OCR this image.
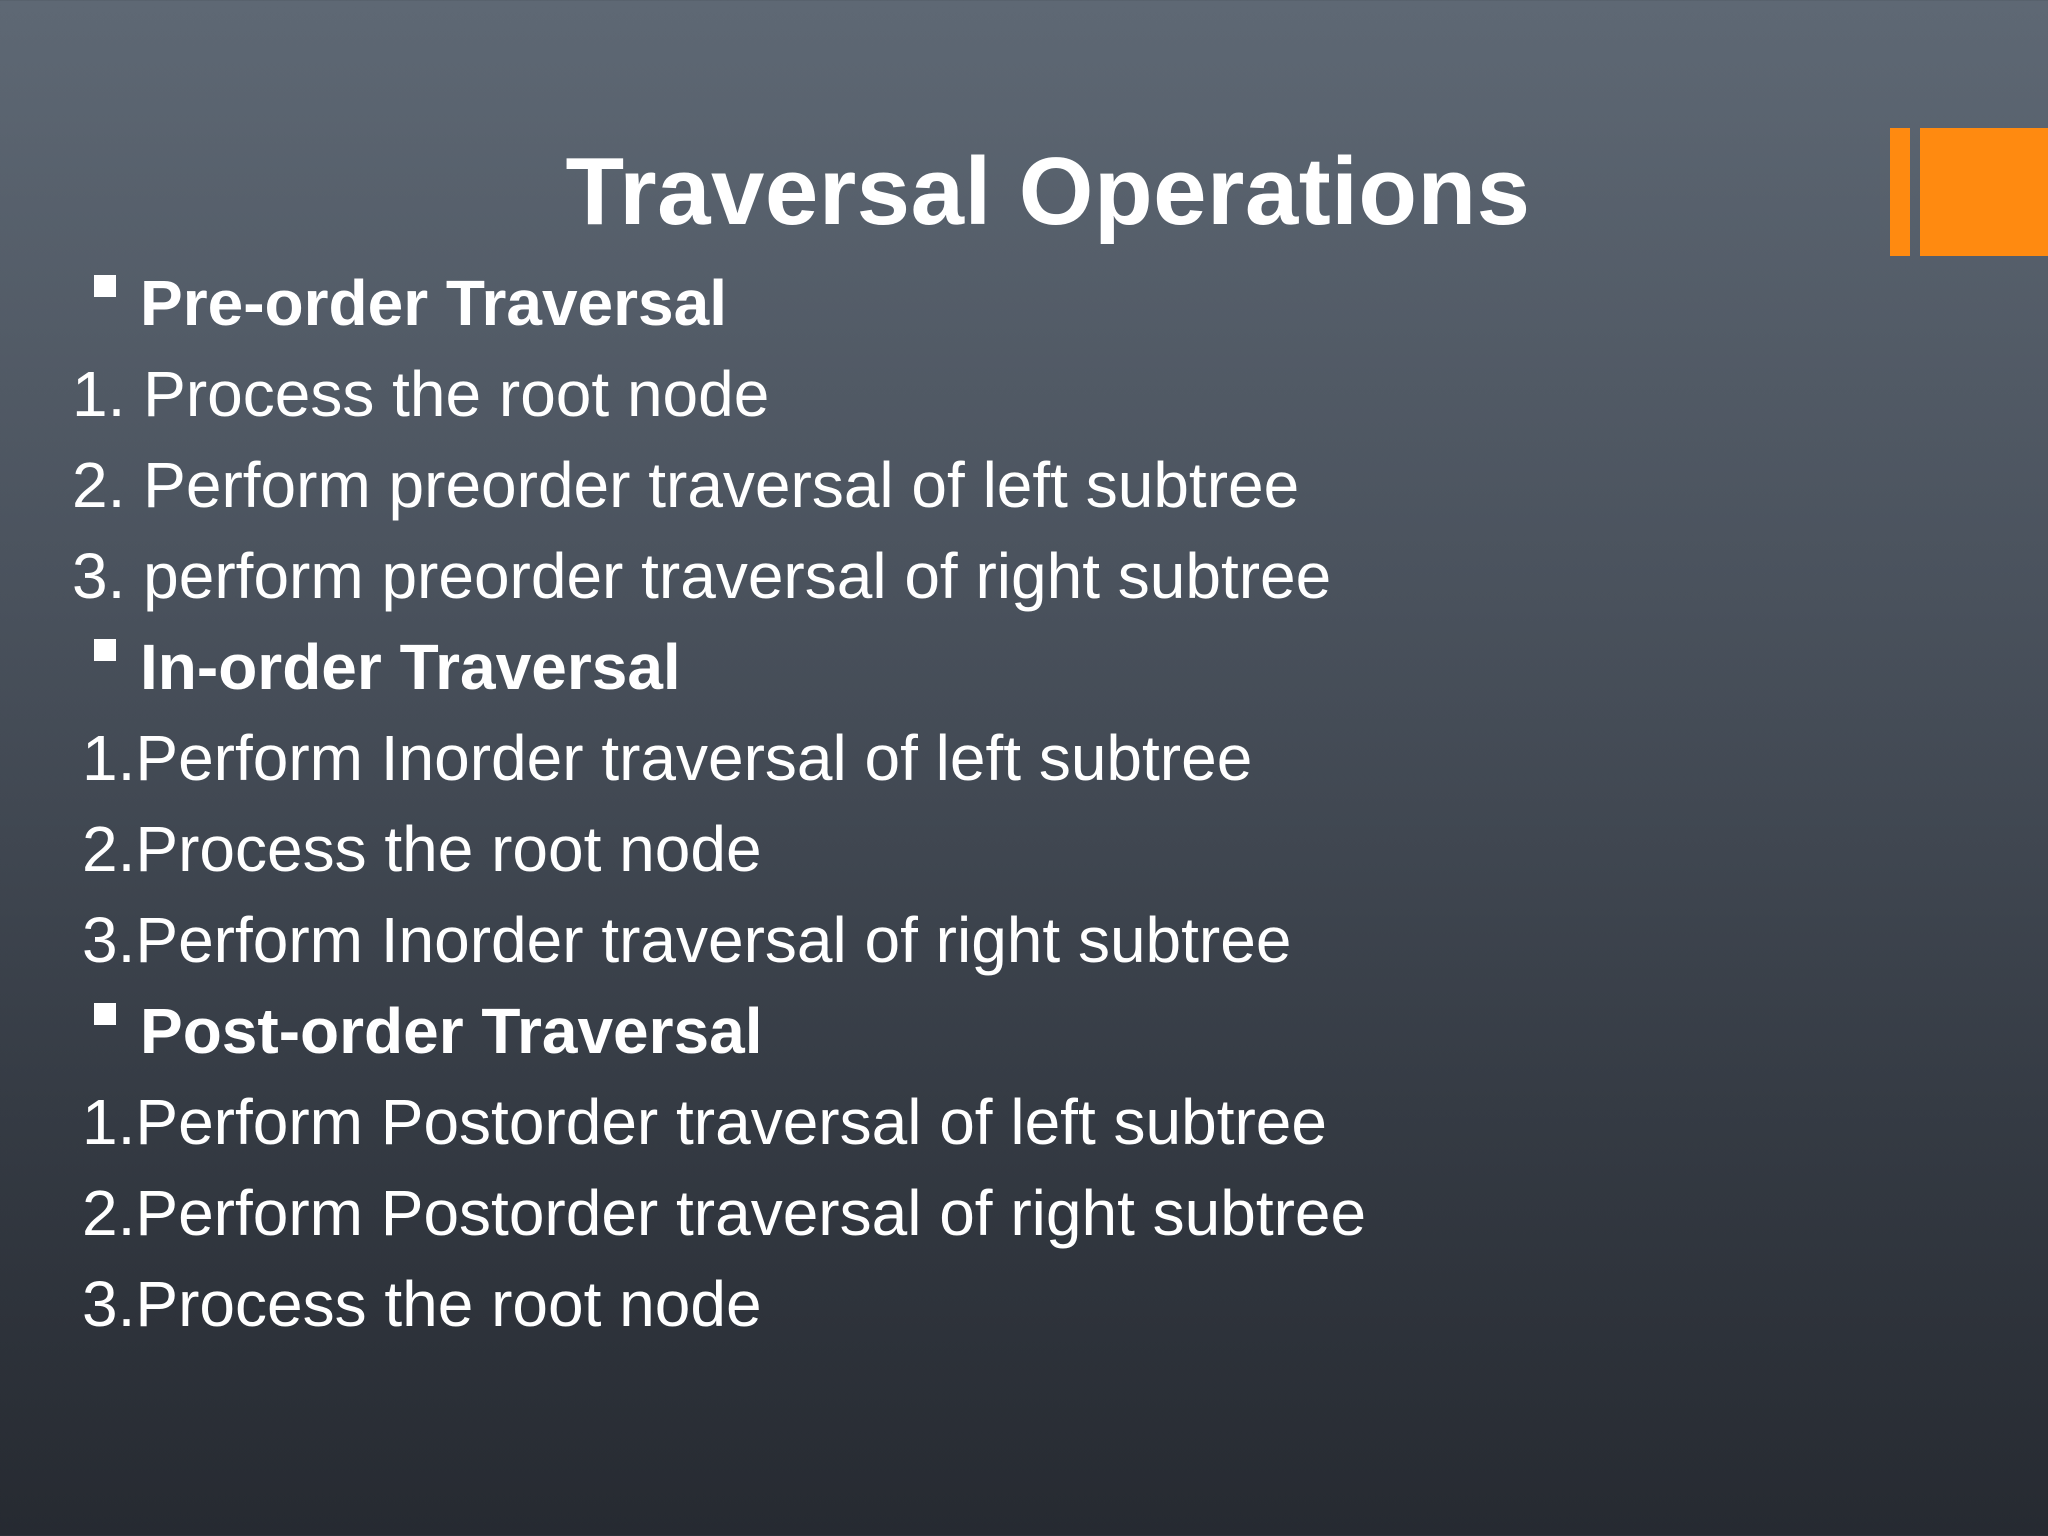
Traversal Operations
Pre-order Traversal
1. Process the root node
2. Perform preorder traversal of left subtree
3. perform preorder traversal of right subtree
In-order Traversal
1.Perform Inorder traversal of left subtree
2.Process the root node
3.Perform Inorder traversal of right subtree
Post-order Traversal
1.Perform Postorder traversal of left subtree
2.Perform Postorder traversal of right subtree
3.Process the root node
